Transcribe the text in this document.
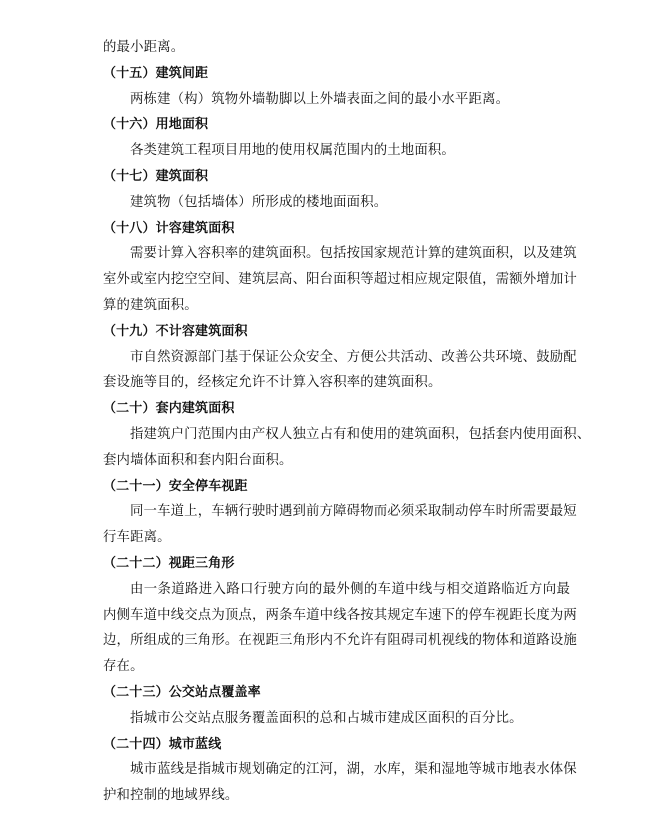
的最小距离。
（十五）建筑间距
两栋建（构）筑物外墙勒脚以上外墙表面之间的最小水平距离。
（十六）用地面积
各类建筑工程项目用地的使用权属范围内的土地面积。
（十七）建筑面积
建筑物（包括墙体）所形成的楼地面面积。
（十八）计容建筑面积
需要计算入容积率的建筑面积。包括按国家规范计算的建筑面积，以及建筑
室外或室内挖空空间、建筑层高、阳台面积等超过相应规定限值，需额外增加计
算的建筑面积。
（十九）不计容建筑面积
市自然资源部门基于保证公众安全、方便公共活动、改善公共环境、鼓励配
套设施等目的，经核定允许不计算入容积率的建筑面积。
（二十）套内建筑面积
指建筑户门范围内由产权人独立占有和使用的建筑面积，包括套内使用面积、
套内墙体面积和套内阳台面积。
（二十一）安全停车视距
同一车道上，车辆行驶时遇到前方障碍物而必须采取制动停车时所需要最短
行车距离。
（二十二）视距三角形
由一条道路进入路口行驶方向的最外侧的车道中线与相交道路临近方向最
内侧车道中线交点为顶点，两条车道中线各按其规定车速下的停车视距长度为两
边，所组成的三角形。在视距三角形内不允许有阻碍司机视线的物体和道路设施
存在。
（二十三）公交站点覆盖率
指城市公交站点服务覆盖面积的总和占城市建成区面积的百分比。
（二十四）城市蓝线
城市蓝线是指城市规划确定的江河，湖，水库，渠和湿地等城市地表水体保
护和控制的地域界线。
